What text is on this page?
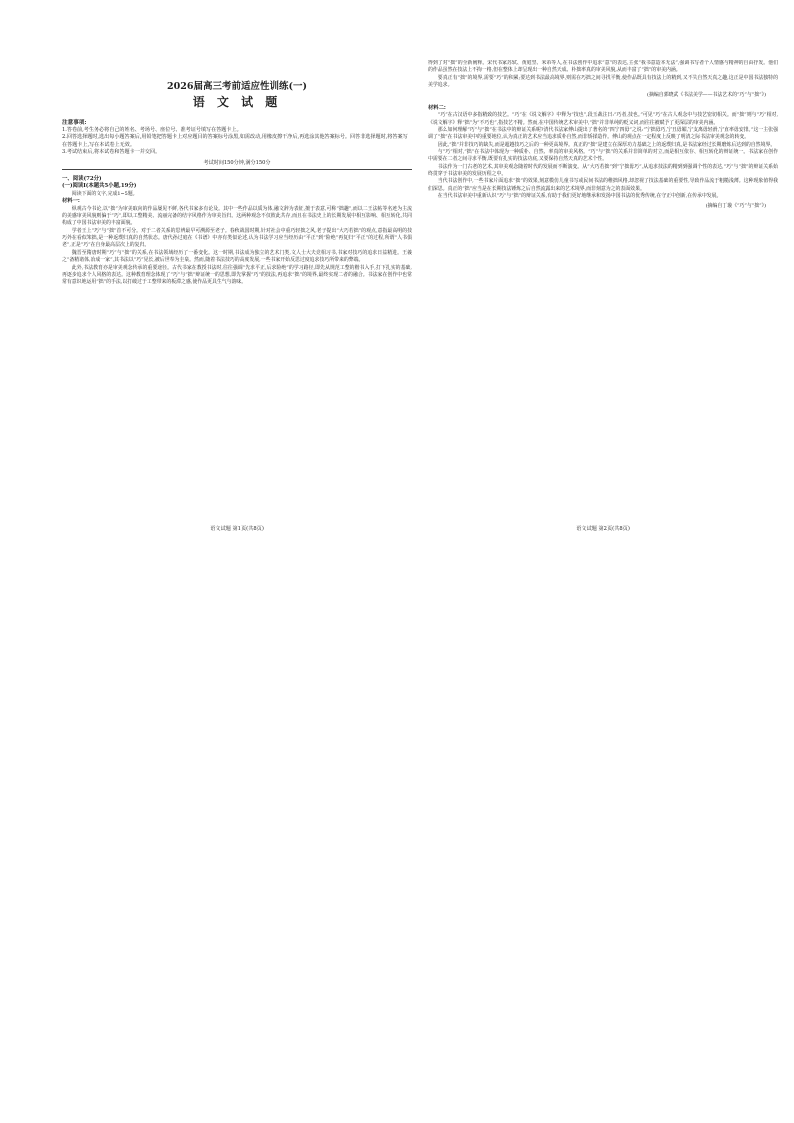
2026届高三考前适应性训练(一)
语 文 试 题
注意事项:
1.答卷前,考生务必将自己的姓名、考场号、座位号、准考证号填写在答题卡上。
2.回答选择题时,选出每小题答案后,用铅笔把答题卡上对应题目的答案标号涂黑,如需改动,用橡皮擦干净后,再选涂其他答案标号。回答非选择题时,将答案写在答题卡上,写在本试卷上无效。
3.考试结束后,将本试卷和答题卡一并交回。
考试时间150分钟,满分150分
一、阅读(72分)
(一)阅读Ⅰ(本题共5小题,19分)

阅读下面的文字,完成1~5题。

材料一:

纵观古今书论,以“拙”为审美取向的作品屡见不鲜,各代书家多有论及。其中一些作品以质为体,融文辞为表征,擅于表意,可称“拙趣”,而以二王法帖等名迹为主流的美感审美风貌则偏于“巧”,即以工整精美、流丽完备的结字风格作为审美旨归。这两种观念不仅彼此共存,而且在书法史上的长期发展中相互影响、相互转化,共同构成了中国书法审美的丰富面貌。

学者王上“巧”与“拙”首不可分。对于二者关系的思辨最早可溯源至老子。春秋战国时期,针对社会中重巧轻拙之风,老子提出“大巧若拙”的观点,意指最高明的技巧外在看似笨拙,是一种返璞归真的自然状态。唐代孙过庭在《书谱》中亦有类似论述,认为书法学习应当经历由“平正”到“险绝”再复归“平正”的过程,所谓“人书俱老”,正是“巧”在自身最高层次上的复归。

魏晋至隋唐时期“巧”与“拙”的关系,在书法领域经历了一番变化。这一时期,书法成为独立的艺术门类,文人士大夫竞相习书,书家对技巧的追求日益精进。王羲之“备精诸体,冶成一家”,其书法以“巧”见长,被后世奉为圭臬。然而,随着书法技巧的高度发展,一些书家开始反思过度追求技巧所带来的弊端。

此外,书法教育亦是审美观念传承的重要途径。古代书家在教授书法时,往往强调“先求平正,后求险绝”的学习路径,即先从规范工整的楷书入手,打下扎实的基础,再逐步追求个人风格的表达。这种教育理念体现了“巧”与“拙”辩证统一的思想,即先掌握“巧”的技法,再追求“拙”的境界,最终实现二者的融合。书法家在创作中也常常有意识地运用“拙”的手法,以打破过于工整带来的板滞之感,使作品更具生气与韵味。

得到了对“拙”的全新阐释。宋代书家苏轼、黄庭坚、米芾等人,在书法创作中追求“意”的表达,主张“我书意造本无法”,强调书写者个人情感与精神的自由抒发。他们的作品虽然在技法上不拘一格,但在整体上却呈现出一种自然天成、朴拙率真的审美风貌,从而丰富了“拙”的审美内涵。

要真正有“拙”的境界,需要“巧”的积累;要达到书法最高境界,则需在巧拙之间寻找平衡,使作品既具有技法上的精到,又不失自然天真之趣,这正是中国书法独特的美学追求。

(摘编自郭晓武《书法美学——书法艺术的“巧”与“拙”》)
材料二:

“巧”在古汉语中多指精致的技艺。“巧”在《说文解字》中释为“技也”,段玉裁注曰:“巧者,技也。”可见“巧”在古人观念中与技艺密切相关。而“拙”则与“巧”相对,《说文解字》释“拙”为“不巧也”,指技艺不精。然而,在中国传统艺术审美中,“拙”并非单纯的贬义词,而往往被赋予了更深层的审美内涵。

那么如何理解“巧”与“拙”在书法中的辩证关系呢?清代书法家傅山提出了著名的“四宁四毋”之说:“宁拙毋巧,宁丑毋媚,宁支离毋轻滑,宁直率毋安排。”这一主张强调了“拙”在书法审美中的重要地位,认为真正的艺术应当追求质朴自然,而非矫揉造作。傅山的观点在一定程度上反映了明清之际书法审美观念的转变。

因此,“拙”并非技巧的缺失,而是超越技巧之后的一种更高境界。真正的“拙”是建立在深厚功力基础之上的返璞归真,是书法家经过长期磨炼后达到的自然境界。

与“巧”相对,“拙”在书法中体现为一种质朴、自然、率真的审美风格。“巧”与“拙”的关系并非简单的对立,而是相互依存、相互转化的辩证统一。书法家在创作中需要在二者之间寻求平衡,既要有扎实的技法功底,又要保持自然天真的艺术个性。

书法作为一门古老的艺术,其审美观念随着时代的发展而不断演变。从“大巧若拙”到“宁拙毋巧”,从追求技法的精到到强调个性的表达,“巧”与“拙”的辩证关系始终贯穿于书法审美的发展历程之中。

当代书法创作中,一些书家片面追求“拙”的效果,刻意模仿儿童书写或民间书法的稚拙风格,却忽视了技法基础的重要性,导致作品流于粗糙浅薄。这种现象值得我们深思。真正的“拙”应当是在长期技法锤炼之后自然流露出来的艺术境界,而非刻意为之的表面效果。

在当代书法审美中重新认识“巧”与“拙”的辩证关系,有助于我们更好地继承和发扬中国书法的优秀传统,在守正中创新,在传承中发展。

(摘编自丁璇《“巧”与“拙”》)
语文试题 第1页(共8页)	语文试题 第2页(共8页)
